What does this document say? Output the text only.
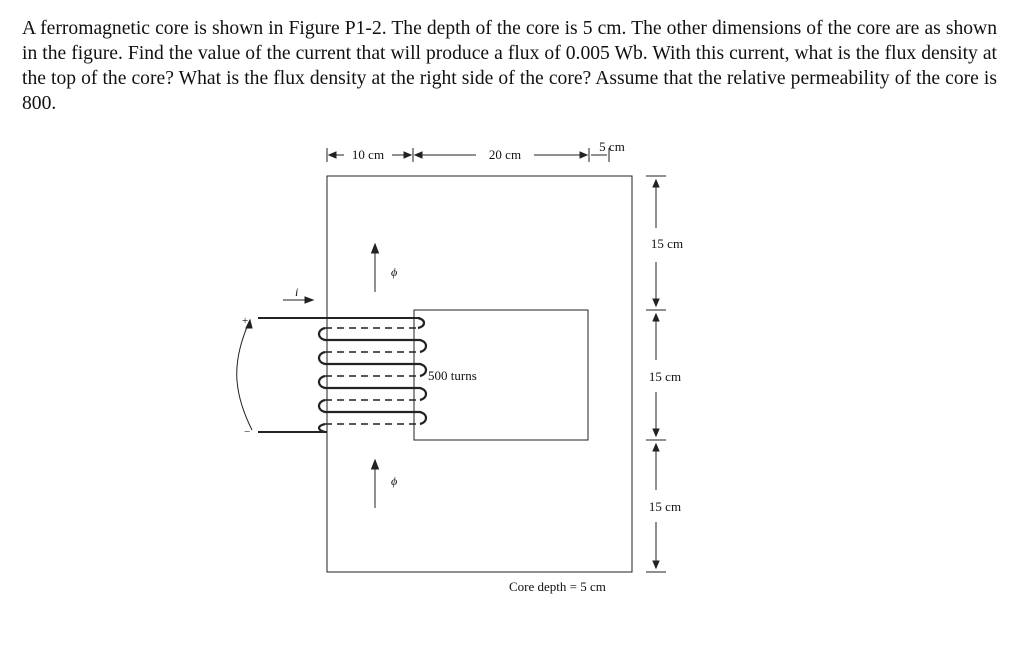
A ferromagnetic core is shown in Figure P1-2. The depth of the core is 5 cm. The other dimensions of the core are as shown in the figure. Find the value of the current that will produce a flux of 0.005 Wb. With this current, what is the flux density at the top of the core? What is the flux density at the right side of the core? Assume that the relative permeability of the core is 800.

10 cm	20 cm
5 cm
15 cm
15 cm
15 cm
500 turns
i
ϕ
ϕ
+
−
Core depth = 5 cm
